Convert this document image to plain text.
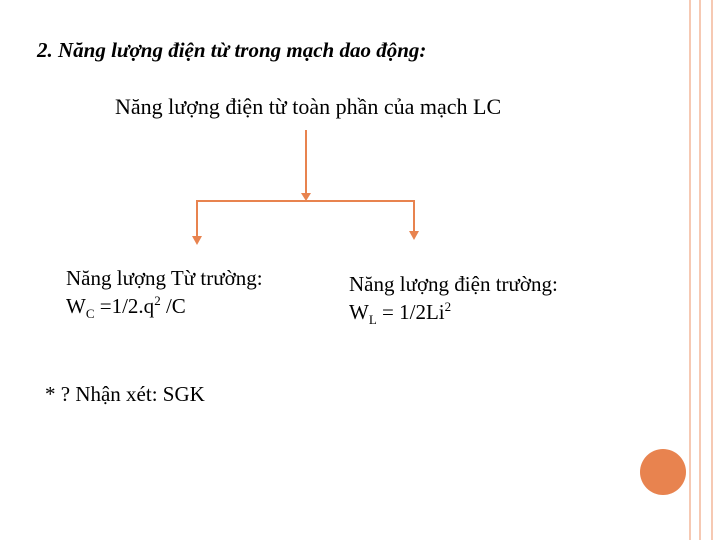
2. Năng lượng điện từ trong mạch dao động:
Năng lượng điện từ toàn phần của mạch LC
Năng lượng Từ trường:
$W_C =1/2.q^2$ /C
Năng lượng điện trường:
$W_L = 1/2Li^2$
* ? Nhận xét: SGK
